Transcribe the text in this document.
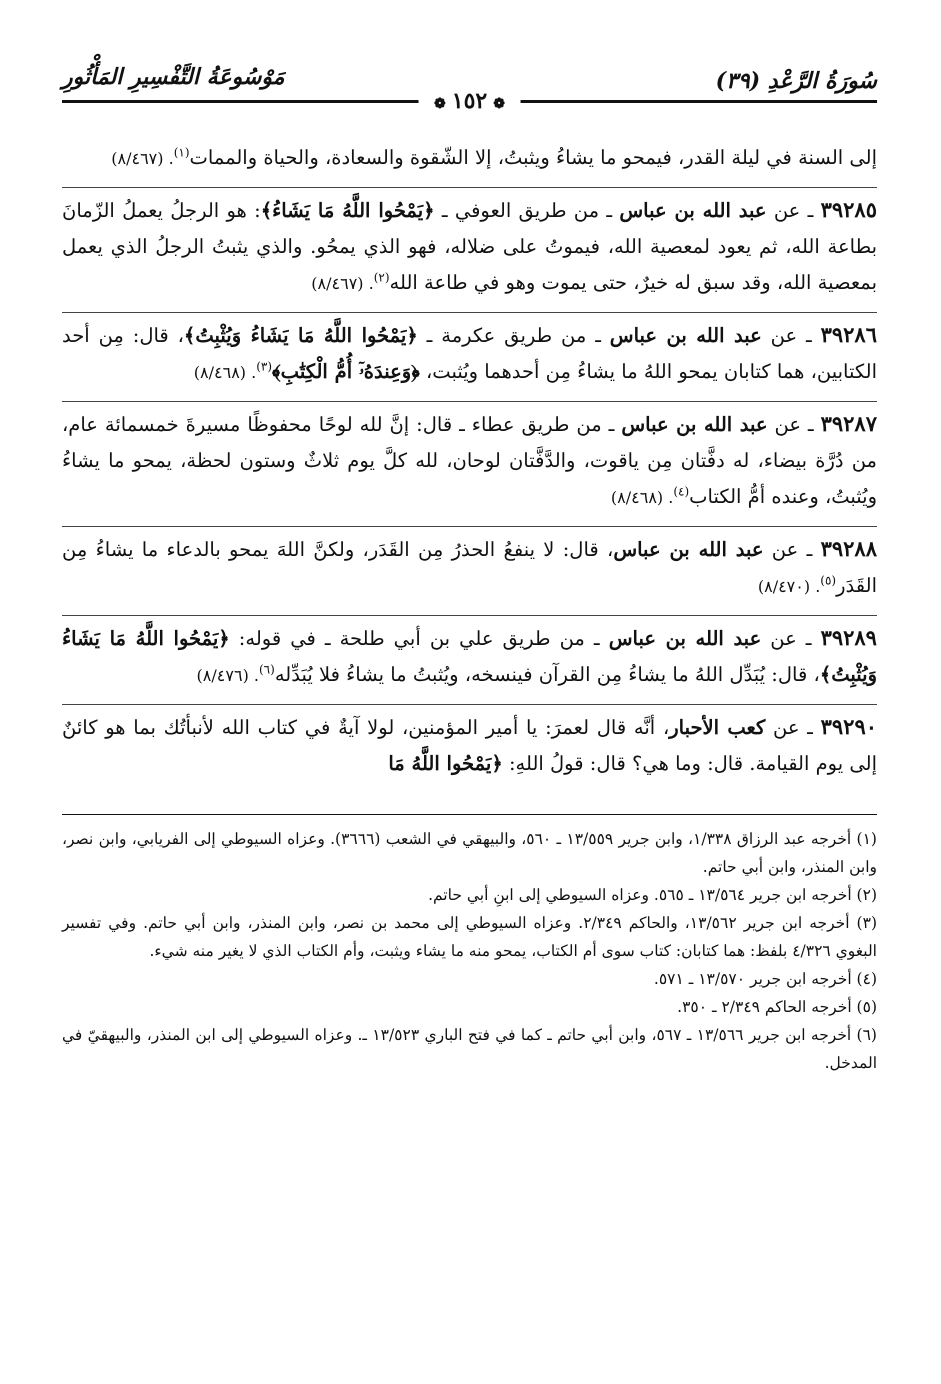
سُورَةُ الرَّعْدِ (٣٩)
مَوْسُوعَةُ التَّفْسِيرِ المَأْثُورِ
❁١٥٢❁

إلى السنة في ليلة القدر، فيمحو ما يشاءُ ويثبتُ، إلا الشّقوة والسعادة، والحياة والممات$^{(١)}$. (٨/٤٦٧)

٣٩٢٨٥ ـ عن عبد الله بن عباس ـ من طريق العوفي ـ ﴿يَمْحُوا اللَّهُ مَا يَشَاءُ﴾: هو الرجلُ يعملُ الزّمانَ بطاعة الله، ثم يعود لمعصية الله، فيموتُ على ضلاله، فهو الذي يمحُو. والذي يثبتُ الرجلُ الذي يعمل بمعصية الله، وقد سبق له خيرٌ، حتى يموت وهو في طاعة الله$^{(٢)}$. (٨/٤٦٧)

٣٩٢٨٦ ـ عن عبد الله بن عباس ـ من طريق عكرمة ـ ﴿يَمْحُوا اللَّهُ مَا يَشَاءُ وَيُثْبِتُ﴾، قال: مِن أحد الكتابين، هما كتابان يمحو اللهُ ما يشاءُ مِن أحدهما ويُثبت، ﴿وَعِندَهُۥٓ أُمُّ الْكِتَٰبِ﴾$^{(٣)}$. (٨/٤٦٨)

٣٩٢٨٧ ـ عن عبد الله بن عباس ـ من طريق عطاء ـ قال: إنَّ لله لوحًا محفوظًا مسيرةَ خمسمائة عام، من دُرَّة بيضاء، له دفَّتان مِن ياقوت، والدَّفَّتان لوحان، لله كلَّ يوم ثلاثٌ وستون لحظة، يمحو ما يشاءُ ويُثبتُ، وعنده أمُّ الكتاب$^{(٤)}$. (٨/٤٦٨)

٣٩٢٨٨ ـ عن عبد الله بن عباس، قال: لا ينفعُ الحذرُ مِن القَدَر، ولكنَّ اللهَ يمحو بالدعاء ما يشاءُ مِن القَدَر$^{(٥)}$. (٨/٤٧٠)

٣٩٢٨٩ ـ عن عبد الله بن عباس ـ من طريق علي بن أبي طلحة ـ في قوله: ﴿يَمْحُوا اللَّهُ مَا يَشَاءُ وَيُثْبِتُ﴾، قال: يُبَدِّل اللهُ ما يشاءُ مِن القرآن فينسخه، ويُثبتُ ما يشاءُ فلا يُبَدِّله$^{(٦)}$. (٨/٤٧٦)

٣٩٢٩٠ ـ عن كعب الأحبار، أنَّه قال لعمرَ: يا أمير المؤمنين، لولا آيةٌ في كتاب الله لأنبأتُك بما هو كائنٌ إلى يوم القيامة. قال: وما هي؟ قال: قولُ اللهِ: ﴿يَمْحُوا اللَّهُ مَا

(١) أخرجه عبد الرزاق ١/٣٣٨، وابن جرير ١٣/٥٥٩ ـ ٥٦٠، والبيهقي في الشعب (٣٦٦٦). وعزاه السيوطي إلى الفريابي، وابن نصر، وابن المنذر، وابن أبي حاتم.

(٢) أخرجه ابن جرير ١٣/٥٦٤ ـ ٥٦٥. وعزاه السيوطي إلى ابنِ أبي حاتم.

(٣) أخرجه ابن جرير ١٣/٥٦٢، والحاكم ٢/٣٤٩. وعزاه السيوطي إلى محمد بن نصر، وابن المنذر، وابن أبي حاتم. وفي تفسير البغوي ٤/٣٢٦ بلفظ: هما كتابان: كتاب سوى أم الكتاب، يمحو منه ما يشاء ويثبت، وأم الكتاب الذي لا يغير منه شيء.

(٤) أخرجه ابن جرير ١٣/٥٧٠ ـ ٥٧١.

(٥) أخرجه الحاكم ٢/٣٤٩ ـ ٣٥٠.

(٦) أخرجه ابن جرير ١٣/٥٦٦ ـ ٥٦٧، وابن أبي حاتم ـ كما في فتح الباري ١٣/٥٢٣ ـ. وعزاه السيوطي إلى ابن المنذر، والبيهقيّ في المدخل.
